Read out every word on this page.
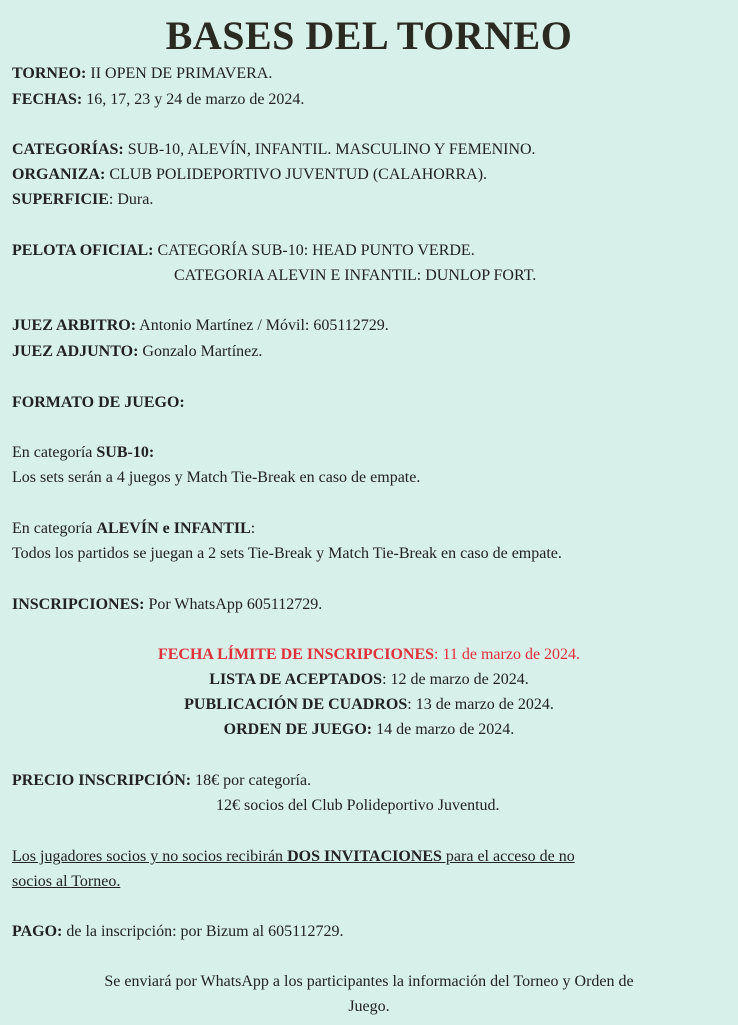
BASES DEL TORNEO
TORNEO: II OPEN DE PRIMAVERA.
FECHAS: 16, 17, 23 y 24 de marzo de 2024.
CATEGORÍAS: SUB-10, ALEVÍN, INFANTIL. MASCULINO Y FEMENINO.
ORGANIZA: CLUB POLIDEPORTIVO JUVENTUD (CALAHORRA).
SUPERFICIE: Dura.
PELOTA OFICIAL: CATEGORÍA SUB-10: HEAD PUNTO VERDE.
CATEGORIA ALEVIN E INFANTIL: DUNLOP FORT.
JUEZ ARBITRO: Antonio Martínez / Móvil: 605112729.
JUEZ ADJUNTO: Gonzalo Martínez.
FORMATO DE JUEGO:
En categoría SUB-10:
Los sets serán a 4 juegos y Match Tie-Break en caso de empate.
En categoría ALEVÍN e INFANTIL:
Todos los partidos se juegan a 2 sets Tie-Break y Match Tie-Break en caso de empate.
INSCRIPCIONES: Por WhatsApp 605112729.
FECHA LÍMITE DE INSCRIPCIONES: 11 de marzo de 2024.
LISTA DE ACEPTADOS: 12 de marzo de 2024.
PUBLICACIÓN DE CUADROS: 13 de marzo de 2024.
ORDEN DE JUEGO: 14 de marzo de 2024.
PRECIO INSCRIPCIÓN: 18€ por categoría.
12€ socios del Club Polideportivo Juventud.
Los jugadores socios y no socios recibirán DOS INVITACIONES para el acceso de no
socios al Torneo.
PAGO: de la inscripción: por Bizum al 605112729.
Se enviará por WhatsApp a los participantes la información del Torneo y Orden de
Juego.
